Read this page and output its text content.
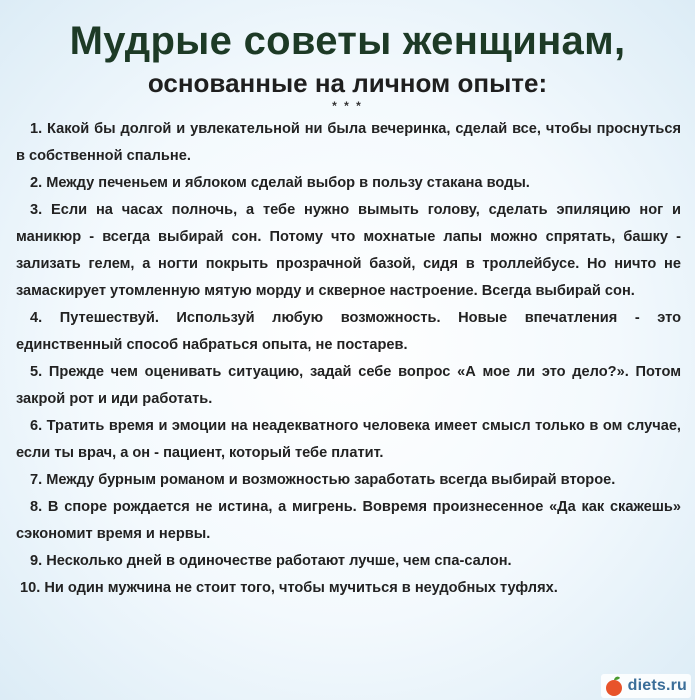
Мудрые советы женщинам,
основанные на личном опыте:
* * *

1. Какой бы долгой и увлекательной ни была вечеринка, сделай все, чтобы проснуться в собственной спальне.

2. Между печеньем и яблоком сделай выбор в пользу стакана воды.

3. Если на часах полночь, а тебе нужно вымыть голову, сделать эпиляцию ног и маникюр - всегда выбирай сон. Потому что мохнатые лапы можно спрятать, башку - зализать гелем, а ногти покрыть прозрачной базой, сидя в троллейбусе. Но ничто не замаскирует утомленную мятую морду и скверное настроение. Всегда выбирай сон.

4. Путешествуй. Используй любую возможность. Новые впечатления - это единственный способ набраться опыта, не постарев.

5. Прежде чем оценивать ситуацию, задай себе вопрос «А мое ли это дело?». Потом закрой рот и иди работать.

6. Тратить время и эмоции на неадекватного человека имеет смысл только в ом случае, если ты врач, а он - пациент, который тебе платит.

7. Между бурным романом и возможностью заработать всегда выбирай второе.

8. В споре рождается не истина, а мигрень. Вовремя произнесенное «Да как скажешь» сэкономит время и нервы.

9. Несколько дней в одиночестве работают лучше, чем спа-салон.

10. Ни один мужчина не стоит того, чтобы мучиться в неудобных туфлях.

diets.ru
